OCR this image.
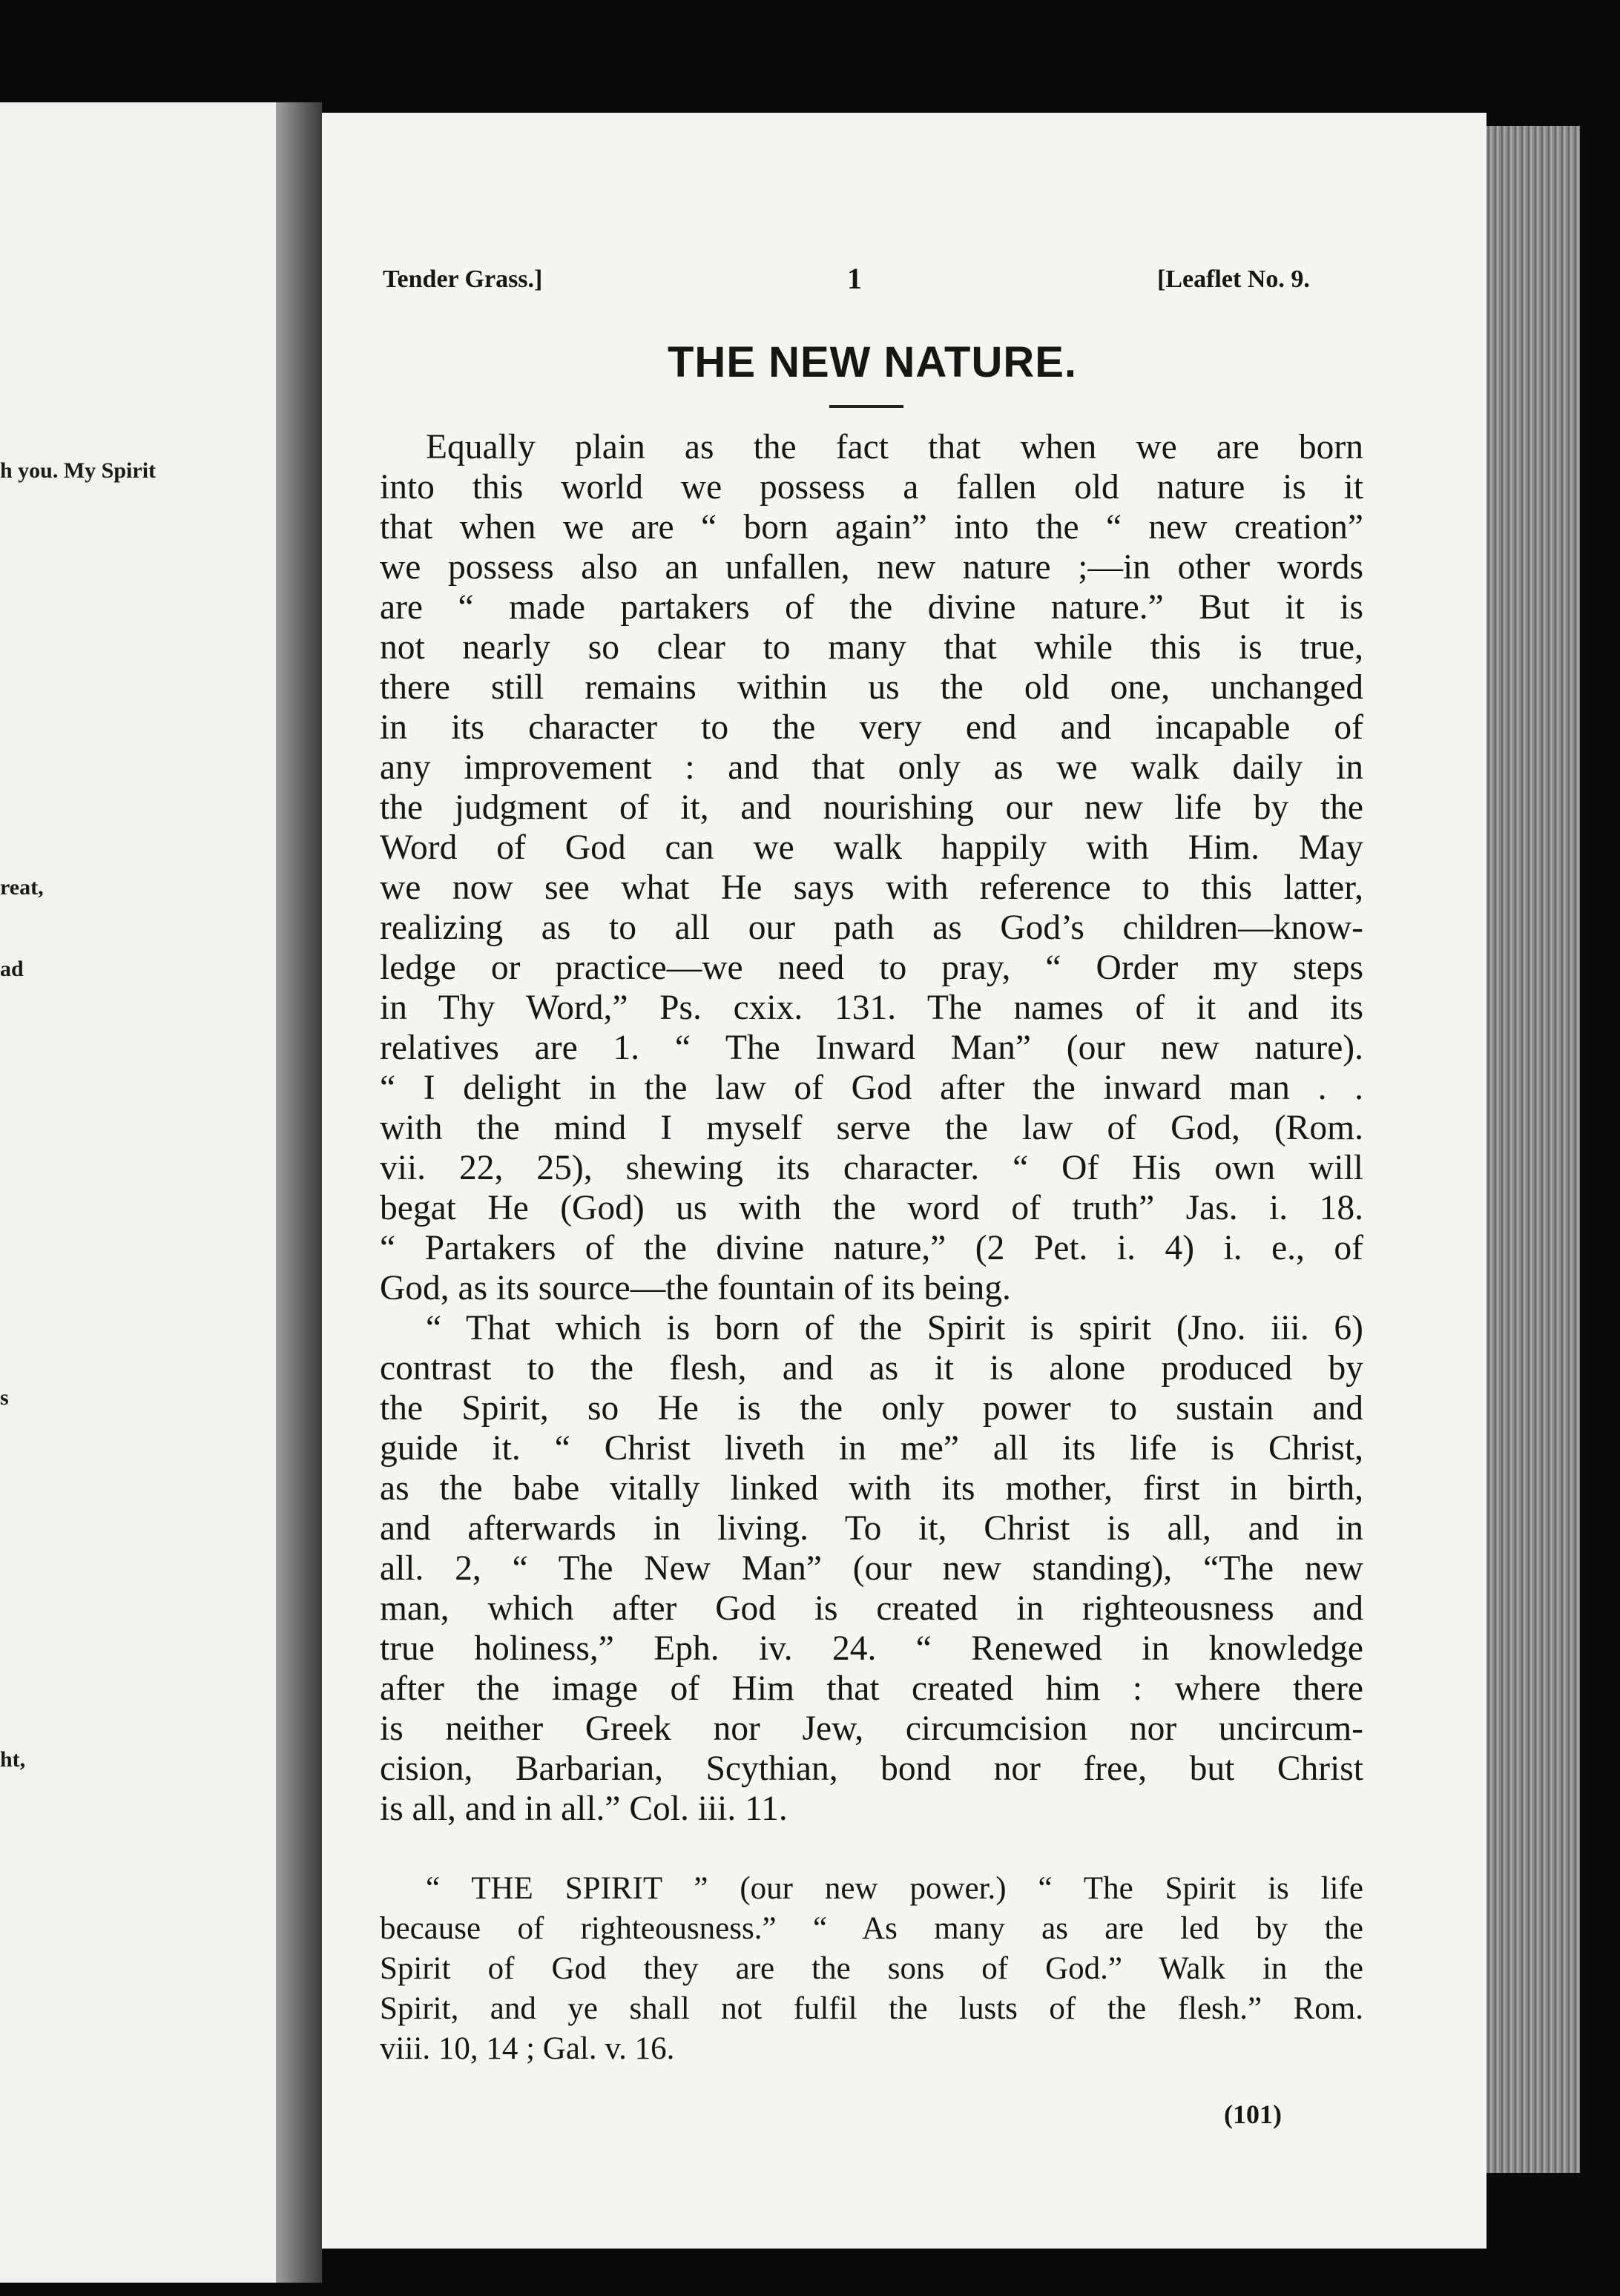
h you. My Spirit
reat,
ad
s
ht,
Tender Grass.]	1	[Leaflet No. 9.
THE NEW NATURE.
Equally plain as the fact that when we are born
into this world we possess a fallen old nature is it
that when we are “ born again” into the “ new creation”
we possess also an unfallen, new nature ;—in other words
are “ made partakers of the divine nature.” But it is
not nearly so clear to many that while this is true,
there still remains within us the old one, unchanged
in its character to the very end and incapable of
any improvement : and that only as we walk daily in
the judgment of it, and nourishing our new life by the
Word of God can we walk happily with Him. May
we now see what He says with reference to this latter,
realizing as to all our path as God’s children—know-
ledge or practice—we need to pray, “ Order my steps
in Thy Word,” Ps. cxix. 131. The names of it and its
relatives are 1. “ The Inward Man” (our new nature).
“ I delight in the law of God after the inward man . .
with the mind I myself serve the law of God, (Rom.
vii. 22, 25), shewing its character. “ Of His own will
begat He (God) us with the word of truth” Jas. i. 18.
“ Partakers of the divine nature,” (2 Pet. i. 4) i. e., of
God, as its source—the fountain of its being.
“ That which is born of the Spirit is spirit (Jno. iii. 6)
contrast to the flesh, and as it is alone produced by
the Spirit, so He is the only power to sustain and
guide it. “ Christ liveth in me” all its life is Christ,
as the babe vitally linked with its mother, first in birth,
and afterwards in living. To it, Christ is all, and in
all. 2, “ The New Man” (our new standing), “The new
man, which after God is created in righteousness and
true holiness,” Eph. iv. 24. “ Renewed in knowledge
after the image of Him that created him : where there
is neither Greek nor Jew, circumcision nor uncircum-
cision, Barbarian, Scythian, bond nor free, but Christ
is all, and in all.” Col. iii. 11.
“ THE SPIRIT ” (our new power.) “ The Spirit is life
because of righteousness.” “ As many as are led by the
Spirit of God they are the sons of God.” Walk in the
Spirit, and ye shall not fulfil the lusts of the flesh.” Rom.
viii. 10, 14 ; Gal. v. 16.
(101)
